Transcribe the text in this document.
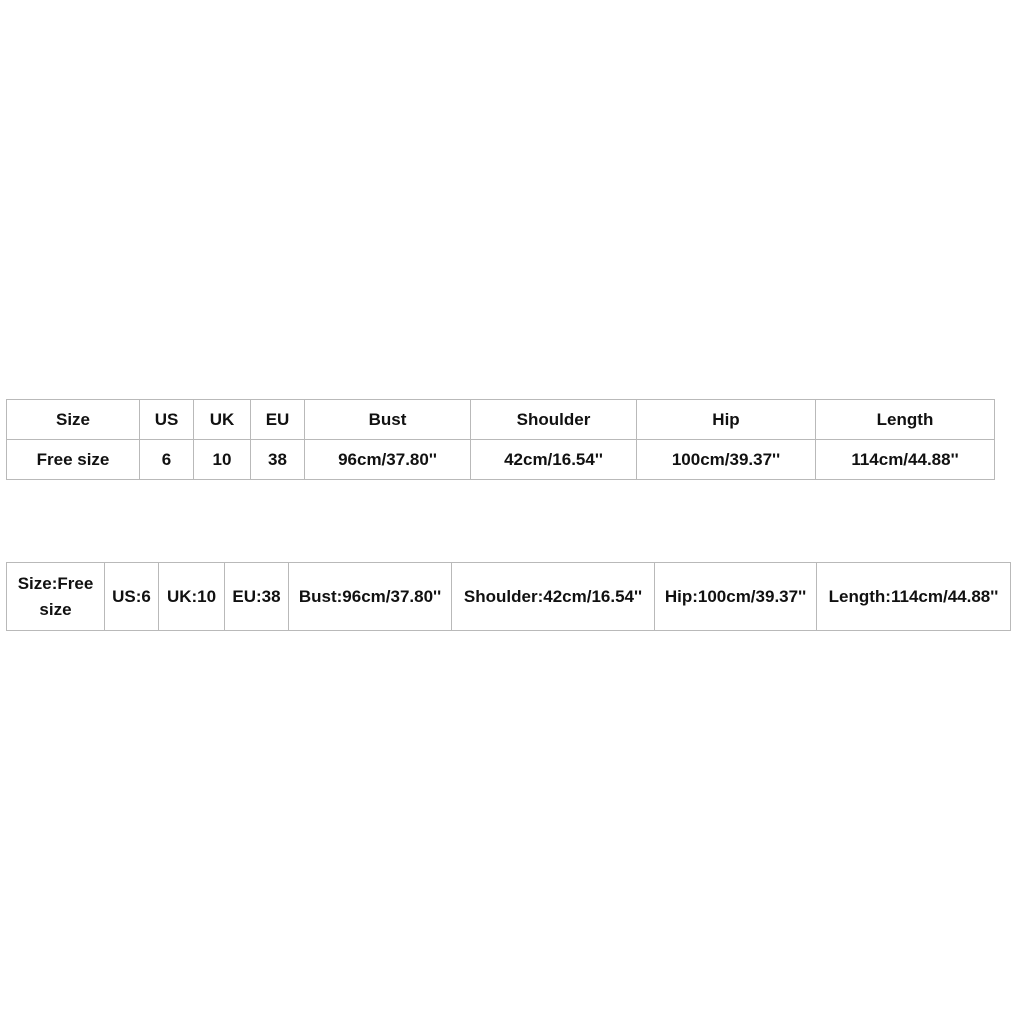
Size	US	UK	EU	Bust	Shoulder	Hip	Length
Free size	6	10	38	96cm/37.80''	42cm/16.54''	100cm/39.37''	114cm/44.88''
Size:Free size	US:6	UK:10	EU:38	Bust:96cm/37.80''	Shoulder:42cm/16.54''	Hip:100cm/39.37''	Length:114cm/44.88''
